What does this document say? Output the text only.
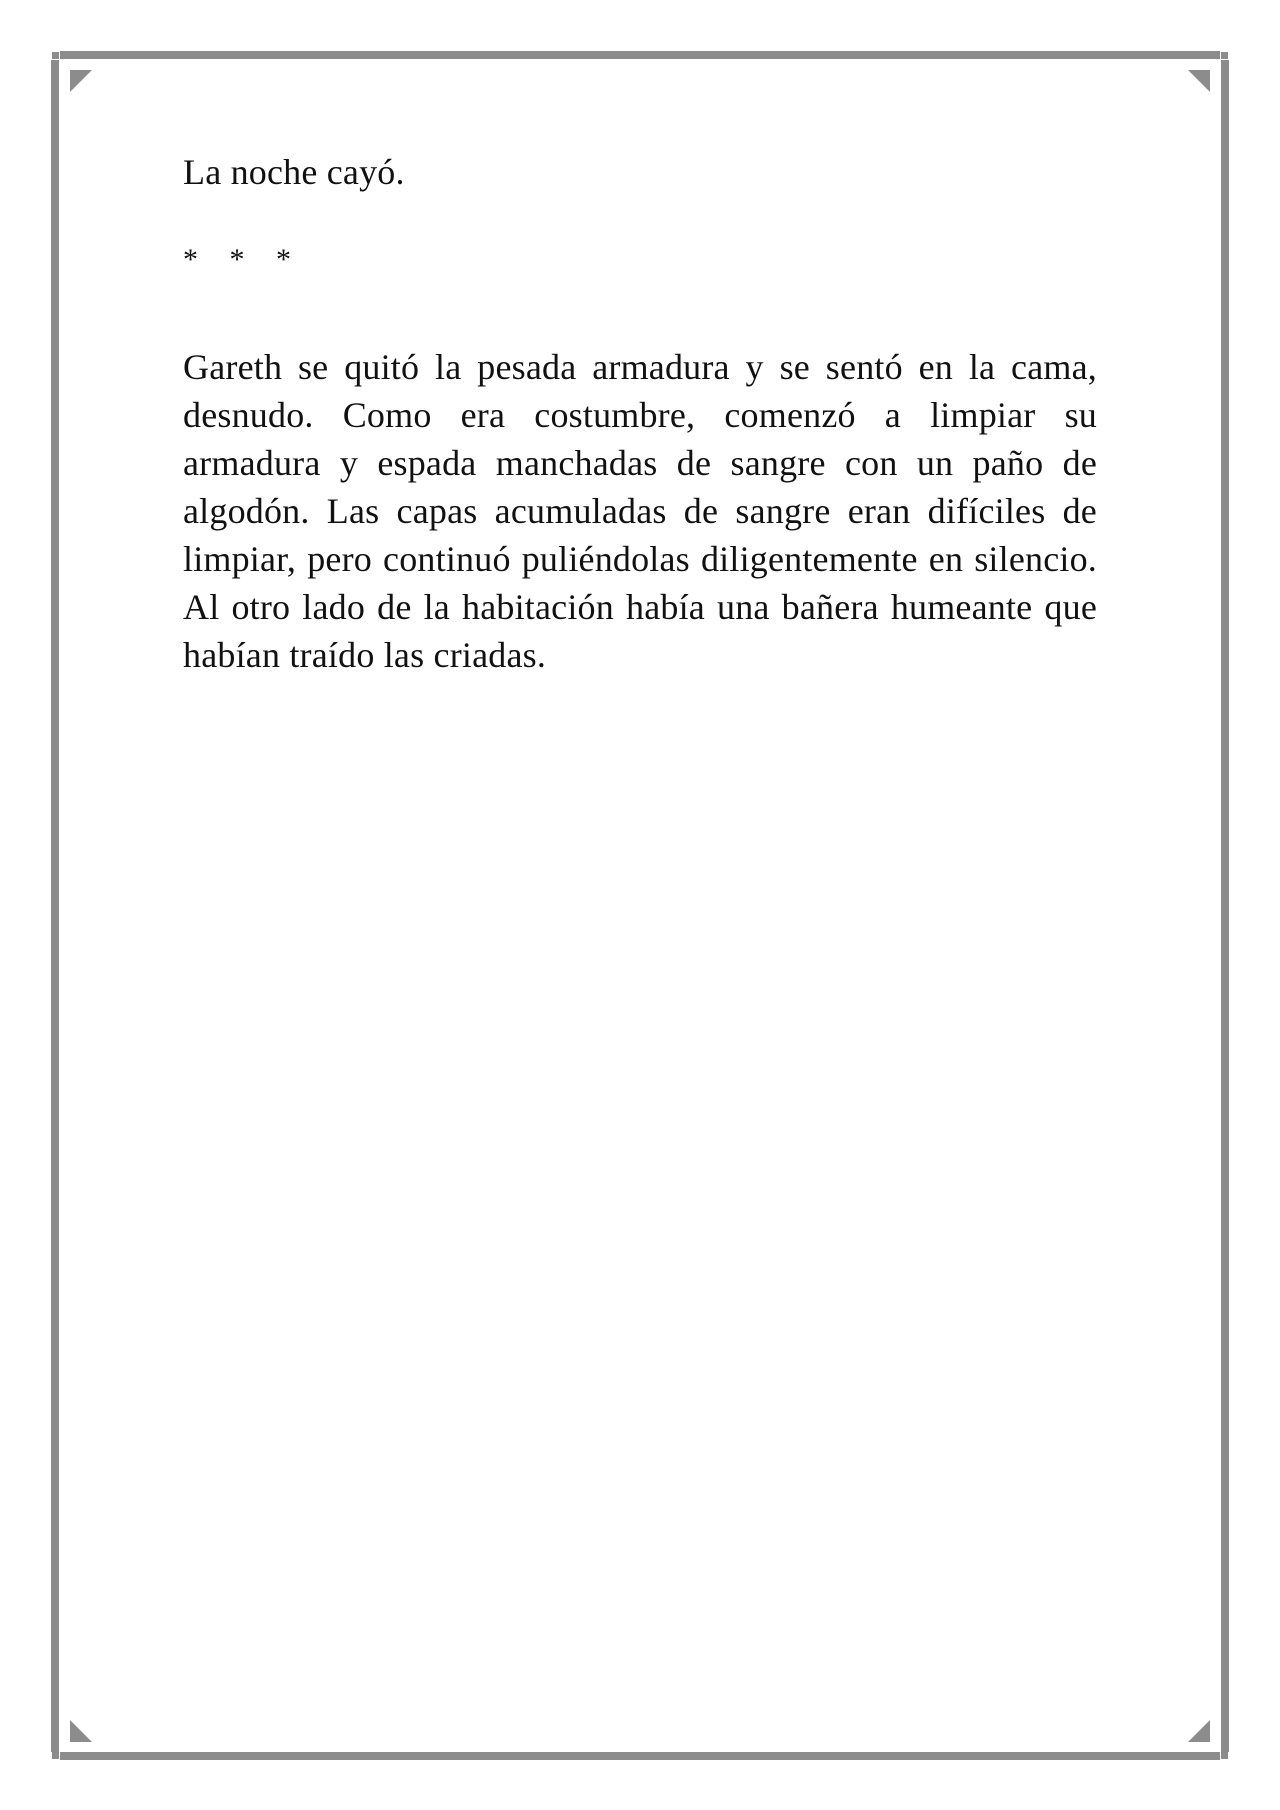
La noche cayó.

* * *

Gareth se quitó la pesada armadura y se sentó en la cama, desnudo. Como era costumbre, comenzó a limpiar su armadura y espada manchadas de sangre con un paño de algodón. Las capas acumuladas de sangre eran difíciles de limpiar, pero continuó puliéndolas diligentemente en silencio. Al otro lado de la habitación había una bañera humeante que habían traído las criadas.
